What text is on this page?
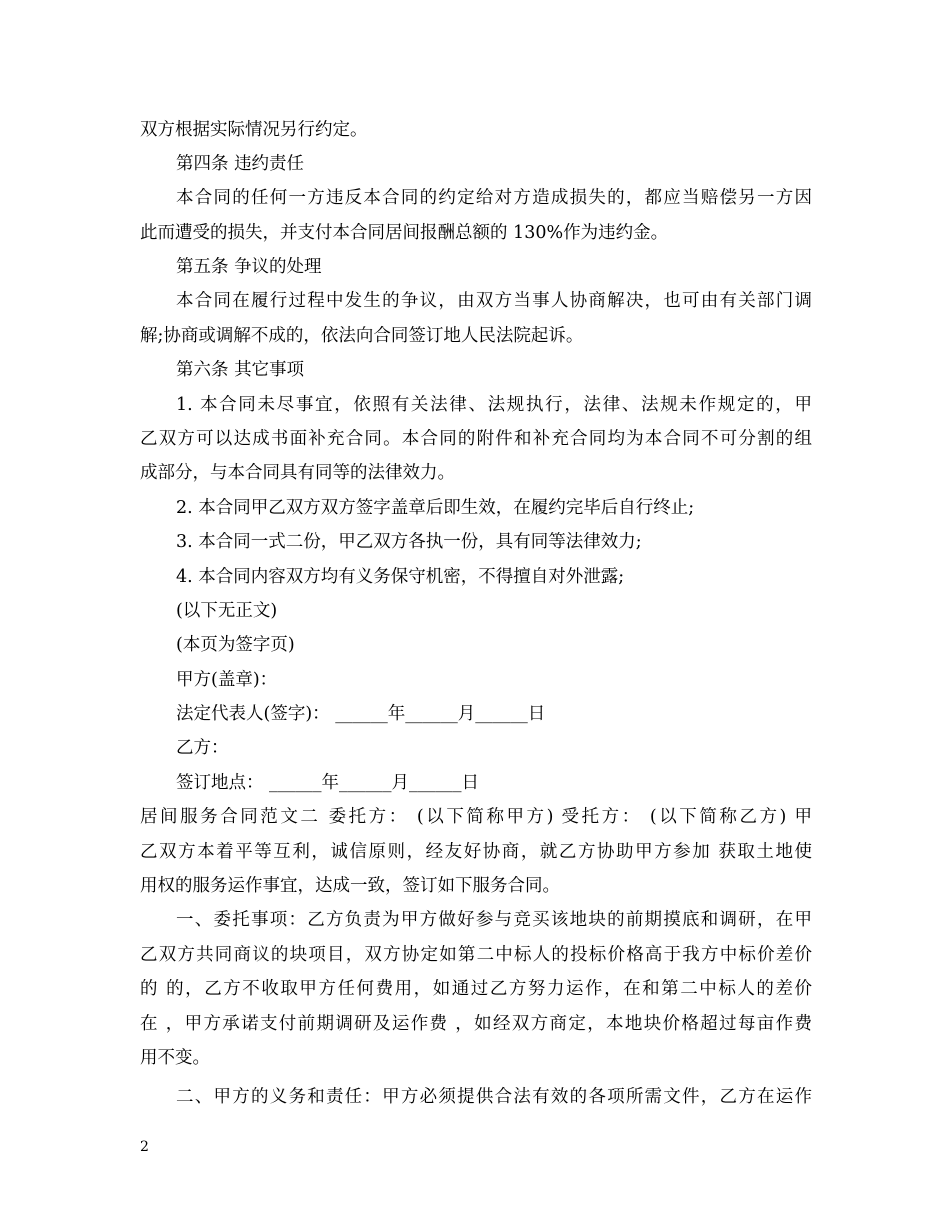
双方根据实际情况另行约定。
第四条 违约责任
本合同的任何一方违反本合同的约定给对方造成损失的，都应当赔偿另一方因
此而遭受的损失，并支付本合同居间报酬总额的 130%作为违约金。
第五条 争议的处理
本合同在履行过程中发生的争议，由双方当事人协商解决，也可由有关部门调
解;协商或调解不成的，依法向合同签订地人民法院起诉。
第六条 其它事项
1. 本合同未尽事宜，依照有关法律、法规执行，法律、法规未作规定的，甲
乙双方可以达成书面补充合同。本合同的附件和补充合同均为本合同不可分割的组
成部分，与本合同具有同等的法律效力。
2. 本合同甲乙双方双方签字盖章后即生效，在履约完毕后自行终止;
3. 本合同一式二份，甲乙双方各执一份，具有同等法律效力;
4. 本合同内容双方均有义务保守机密，不得擅自对外泄露;
(以下无正文)
(本页为签字页)
甲方(盖章)：
法定代表人(签字)： ______年______月______日
乙方：
签订地点： ______年______月______日
居间服务合同范文二 委托方： (以下简称甲方) 受托方： (以下简称乙方) 甲
乙双方本着平等互利，诚信原则，经友好协商，就乙方协助甲方参加 获取土地使
用权的服务运作事宜，达成一致，签订如下服务合同。
一、委托事项：乙方负责为甲方做好参与竞买该地块的前期摸底和调研，在甲
乙双方共同商议的块项目，双方协定如第二中标人的投标价格高于我方中标价差价
的 的，乙方不收取甲方任何费用，如通过乙方努力运作，在和第二中标人的差价
在 ，甲方承诺支付前期调研及运作费 ，如经双方商定，本地块价格超过每亩作费
用不变。
二、甲方的义务和责任：甲方必须提供合法有效的各项所需文件，乙方在运作
2
